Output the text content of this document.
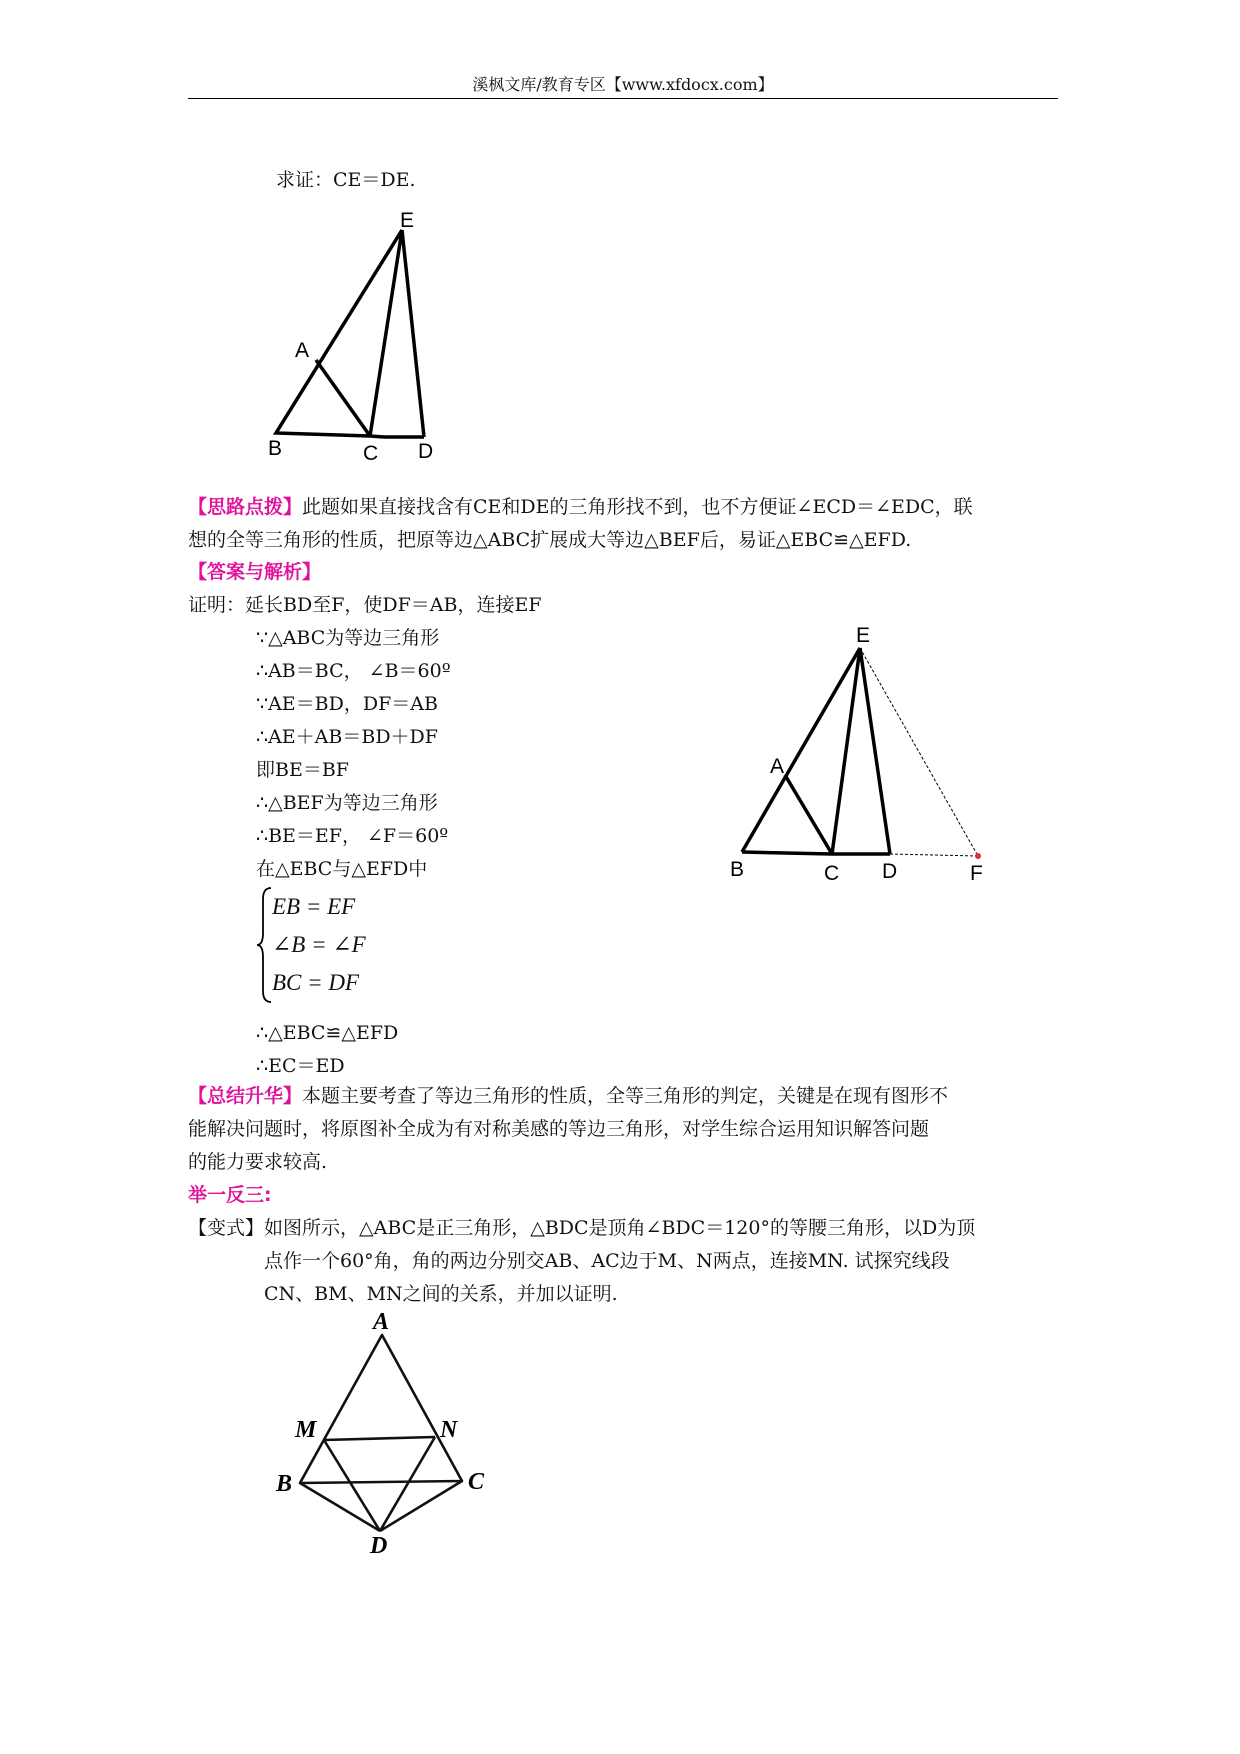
溪枫文库/教育专区【www.xfdocx.com】
求证：CE＝DE.
E
A
B	C D
【思路点拨】此题如果直接找含有CE和DE的三角形找不到，也不方便证∠ECD＝∠EDC，联
想的全等三角形的性质，把原等边△ABC扩展成大等边△BEF后，易证△EBC≌△EFD.
【答案与解析】
证明：延长BD至F，使DF＝AB，连接EF
∵△ABC为等边三角形
∴AB＝BC， ∠B＝60º
∵AE＝BD，DF＝AB
∴AE＋AB＝BD＋DF
即BE＝BF
∴△BEF为等边三角形
∴BE＝EF， ∠F＝60º
在△EBC与△EFD中
EB = EF
∠B = ∠F
BC = DF
∴△EBC≌△EFD
∴EC＝ED
E
A
B	C D	F
【总结升华】本题主要考查了等边三角形的性质，全等三角形的判定，关键是在现有图形不
能解决问题时，将原图补全成为有对称美感的等边三角形，对学生综合运用知识解答问题
的能力要求较高.
举一反三:
【变式】如图所示，△ABC是正三角形，△BDC是顶角∠BDC＝120°的等腰三角形，以D为顶
点作一个60°角，角的两边分别交AB、AC边于M、N两点，连接MN. 试探究线段
CN、BM、MN之间的关系，并加以证明.
A
M	N
B	C
D
